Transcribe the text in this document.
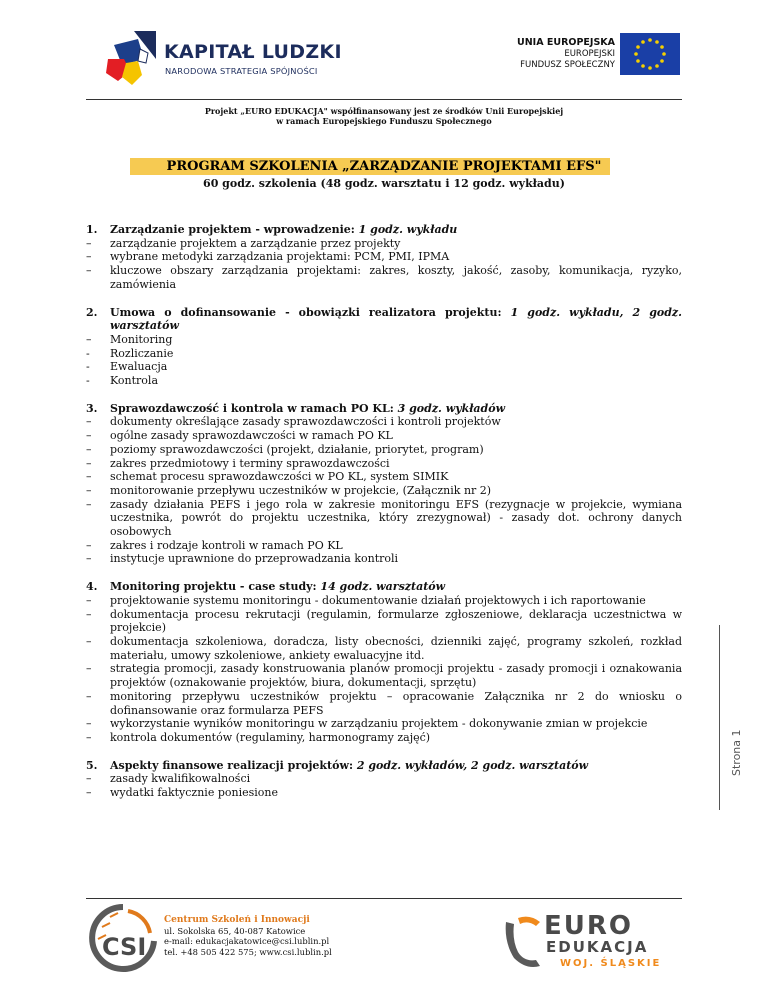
KAPITAŁ LUDZKI
NARODOWA STRATEGIA SPÓJNOŚCI
UNIA EUROPEJSKA
EUROPEJSKI
FUNDUSZ SPOŁECZNY
Projekt „EURO EDUKACJA" współfinansowany jest ze środków Unii Europejskiej
w ramach Europejskiego Funduszu Społecznego
PROGRAM SZKOLENIA „ZARZĄDZANIE PROJEKTAMI EFS"
60 godz. szkolenia (48 godz. warsztatu i 12 godz. wykładu)
1.	Zarządzanie projektem - wprowadzenie: 1 godz. wykładu
–	zarządzanie projektem a zarządzanie przez projekty
–	wybrane metodyki zarządzania projektami: PCM, PMI, IPMA
–	kluczowe obszary zarządzania projektami: zakres, koszty, jakość, zasoby, komunikacja, ryzyko, zamówienia
2.	Umowa o dofinansowanie - obowiązki realizatora projektu: 1 godz. wykładu, 2 godz. warsztatów
–	Monitoring
-	Rozliczanie
-	Ewaluacja
-	Kontrola
3.	Sprawozdawczość i kontrola w ramach PO KL: 3 godz. wykładów
–	dokumenty określające zasady sprawozdawczości i kontroli projektów
–	ogólne zasady sprawozdawczości w ramach PO KL
–	poziomy sprawozdawczości (projekt, działanie, priorytet, program)
–	zakres przedmiotowy i terminy sprawozdawczości
–	schemat procesu sprawozdawczości w PO KL, system SIMIK
–	monitorowanie przepływu uczestników w projekcie, (Załącznik nr 2)
–	zasady działania PEFS i jego rola w zakresie monitoringu EFS (rezygnacje w projekcie, wymiana uczestnika, powrót do projektu uczestnika, który zrezygnował) - zasady dot. ochrony danych osobowych
–	zakres i rodzaje kontroli w ramach PO KL
–	instytucje uprawnione do przeprowadzania kontroli
4.	Monitoring projektu - case study: 14 godz. warsztatów
–	projektowanie systemu monitoringu - dokumentowanie działań projektowych i ich raportowanie
–	dokumentacja procesu rekrutacji (regulamin, formularze zgłoszeniowe, deklaracja uczestnictwa w projekcie)
–	dokumentacja szkoleniowa, doradcza, listy obecności, dzienniki zajęć, programy szkoleń, rozkład materiału, umowy szkoleniowe, ankiety ewaluacyjne itd.
–	strategia promocji, zasady konstruowania planów promocji projektu - zasady promocji i oznakowania projektów (oznakowanie projektów, biura, dokumentacji, sprzętu)
–	monitoring przepływu uczestników projektu – opracowanie Załącznika nr 2 do wniosku o dofinansowanie oraz formularza PEFS
–	wykorzystanie wyników monitoringu w zarządzaniu projektem - dokonywanie zmian w projekcie
–	kontrola dokumentów (regulaminy, harmonogramy zajęć)
5.	Aspekty finansowe realizacji projektów: 2 godz. wykładów, 2 godz. warsztatów
–	zasady kwalifikowalności
–	wydatki faktycznie poniesione
Strona 1
CSI
Centrum Szkoleń i Innowacji
ul. Sokolska 65, 40-087 Katowice
e-mail: edukacjakatowice@csi.lublin.pl
tel. +48 505 422 575; www.csi.lublin.pl
EURO
EDUKACJA
WOJ. ŚLĄSKIE
